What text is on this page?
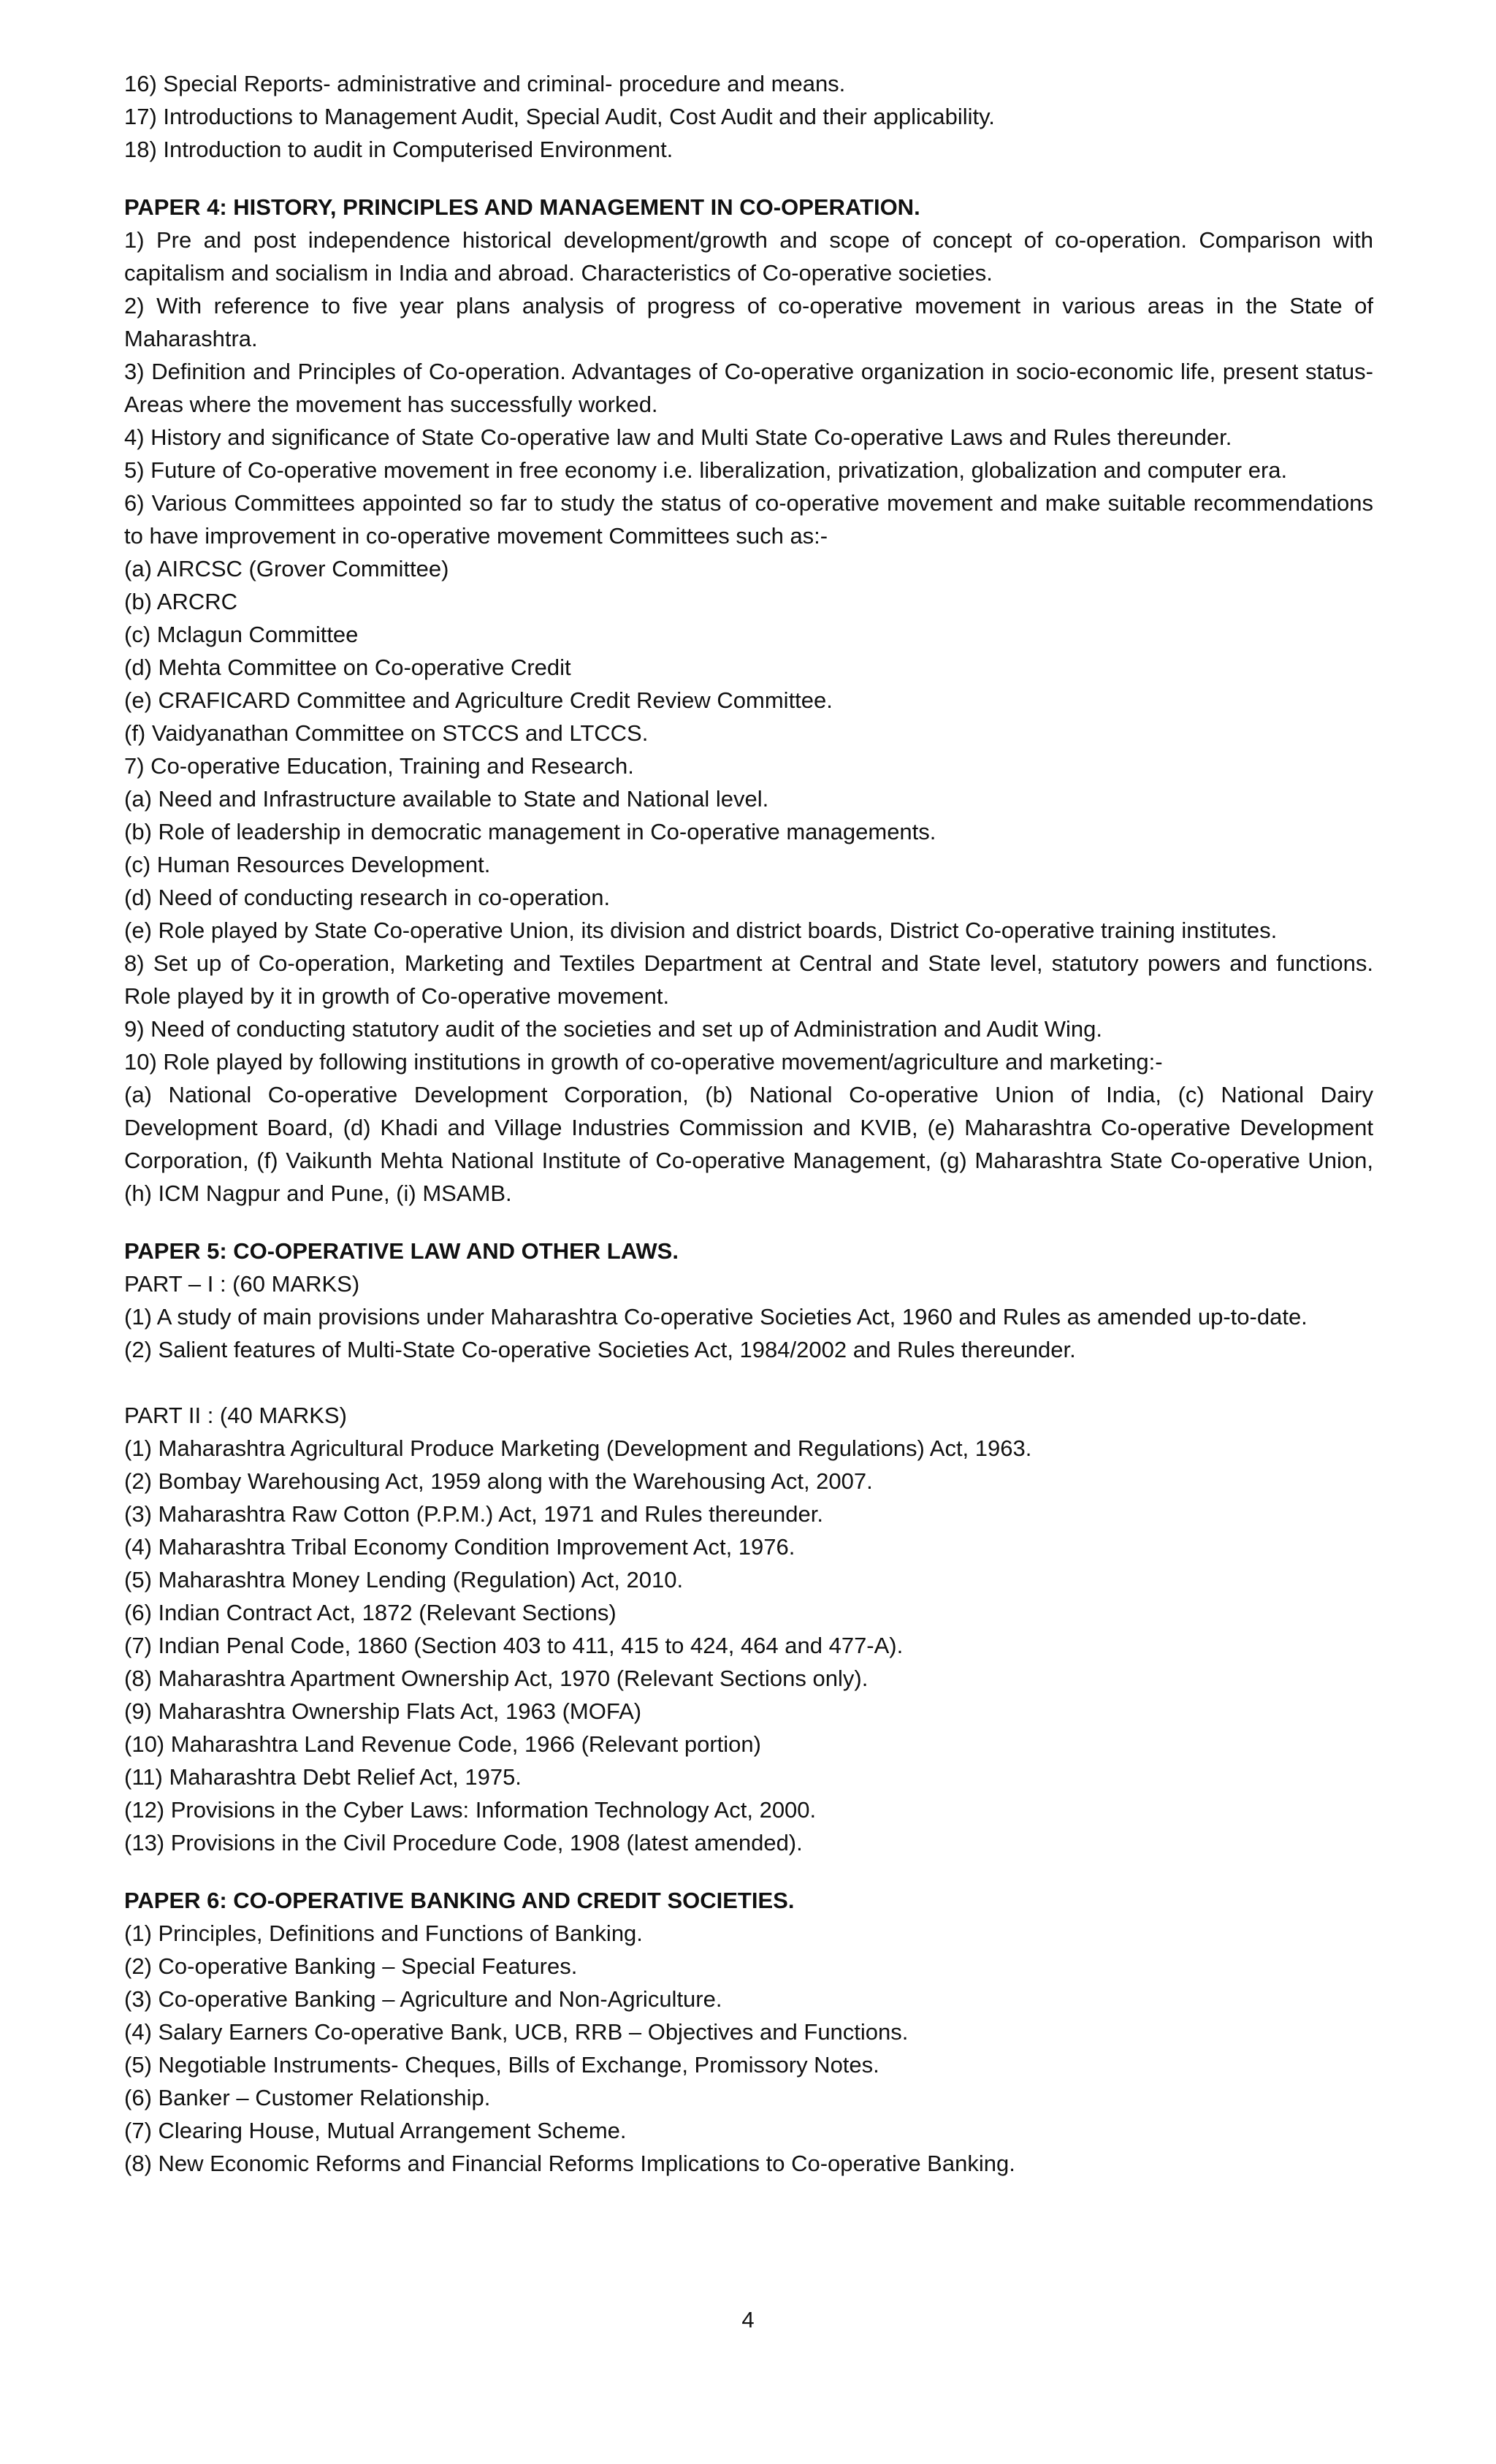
16) Special Reports- administrative and criminal- procedure and means.

17) Introductions to Management Audit, Special Audit, Cost Audit and their applicability.

18) Introduction to audit in Computerised Environment.

PAPER 4: HISTORY, PRINCIPLES AND MANAGEMENT IN CO-OPERATION.

1) Pre and post independence historical development/growth and scope of concept of co-operation. Comparison with capitalism and socialism in India and abroad. Characteristics of Co-operative societies.

2) With reference to five year plans analysis of progress of co-operative movement in various areas in the State of Maharashtra.

3) Definition and Principles of Co-operation. Advantages of Co-operative organization in socio-economic life, present status- Areas where the movement has successfully worked.

4) History and significance of State Co-operative law and Multi State Co-operative Laws and Rules thereunder.

5) Future of Co-operative movement in free economy i.e. liberalization, privatization, globalization and computer era.

6) Various Committees appointed so far to study the status of co-operative movement and make suitable recommendations to have improvement in co-operative movement Committees such as:-

(a) AIRCSC (Grover Committee)

(b) ARCRC

(c) Mclagun Committee

(d) Mehta Committee on Co-operative Credit

(e) CRAFICARD Committee and Agriculture Credit Review Committee.

(f) Vaidyanathan Committee on STCCS and LTCCS.

7) Co-operative Education, Training and Research.

(a) Need and Infrastructure available to State and National level.

(b) Role of leadership in democratic management in Co-operative managements.

(c) Human Resources Development.

(d) Need of conducting research in co-operation.

(e) Role played by State Co-operative Union, its division and district boards, District Co-operative training institutes.

8) Set up of Co-operation, Marketing and Textiles Department at Central and State level, statutory powers and functions. Role played by it in growth of Co-operative movement.

9) Need of conducting statutory audit of the societies and set up of Administration and Audit Wing.

10) Role played by following institutions in growth of co-operative movement/agriculture and marketing:-

(a) National Co-operative Development Corporation, (b) National Co-operative Union of India, (c) National Dairy Development Board, (d) Khadi and Village Industries Commission and KVIB, (e) Maharashtra Co-operative Development Corporation, (f) Vaikunth Mehta National Institute of Co-operative Management, (g) Maharashtra State Co-operative Union, (h) ICM Nagpur and Pune, (i) MSAMB.

PAPER 5: CO-OPERATIVE LAW AND OTHER LAWS.

PART – I : (60 MARKS)

(1) A study of main provisions under Maharashtra Co-operative Societies Act, 1960 and Rules as amended up-to-date.

(2) Salient features of Multi-State Co-operative Societies Act, 1984/2002 and Rules thereunder.

PART II : (40 MARKS)

(1) Maharashtra Agricultural Produce Marketing (Development and Regulations) Act, 1963.

(2) Bombay Warehousing Act, 1959 along with the Warehousing Act, 2007.

(3) Maharashtra Raw Cotton (P.P.M.) Act, 1971 and Rules thereunder.

(4) Maharashtra Tribal Economy Condition Improvement Act, 1976.

(5) Maharashtra Money Lending (Regulation) Act, 2010.

(6) Indian Contract Act, 1872 (Relevant Sections)

(7) Indian Penal Code, 1860 (Section 403 to 411, 415 to 424, 464 and 477-A).

(8) Maharashtra Apartment Ownership Act, 1970 (Relevant Sections only).

(9) Maharashtra Ownership Flats Act, 1963 (MOFA)

(10) Maharashtra Land Revenue Code, 1966 (Relevant portion)

(11) Maharashtra Debt Relief Act, 1975.

(12) Provisions in the Cyber Laws: Information Technology Act, 2000.

(13) Provisions in the Civil Procedure Code, 1908 (latest amended).

PAPER 6: CO-OPERATIVE BANKING AND CREDIT SOCIETIES.

(1) Principles, Definitions and Functions of Banking.

(2) Co-operative Banking – Special Features.

(3) Co-operative Banking – Agriculture and Non-Agriculture.

(4) Salary Earners Co-operative Bank, UCB, RRB – Objectives and Functions.

(5) Negotiable Instruments- Cheques, Bills of Exchange, Promissory Notes.

(6) Banker – Customer Relationship.

(7) Clearing House, Mutual Arrangement Scheme.

(8) New Economic Reforms and Financial Reforms Implications to Co-operative Banking.

4
